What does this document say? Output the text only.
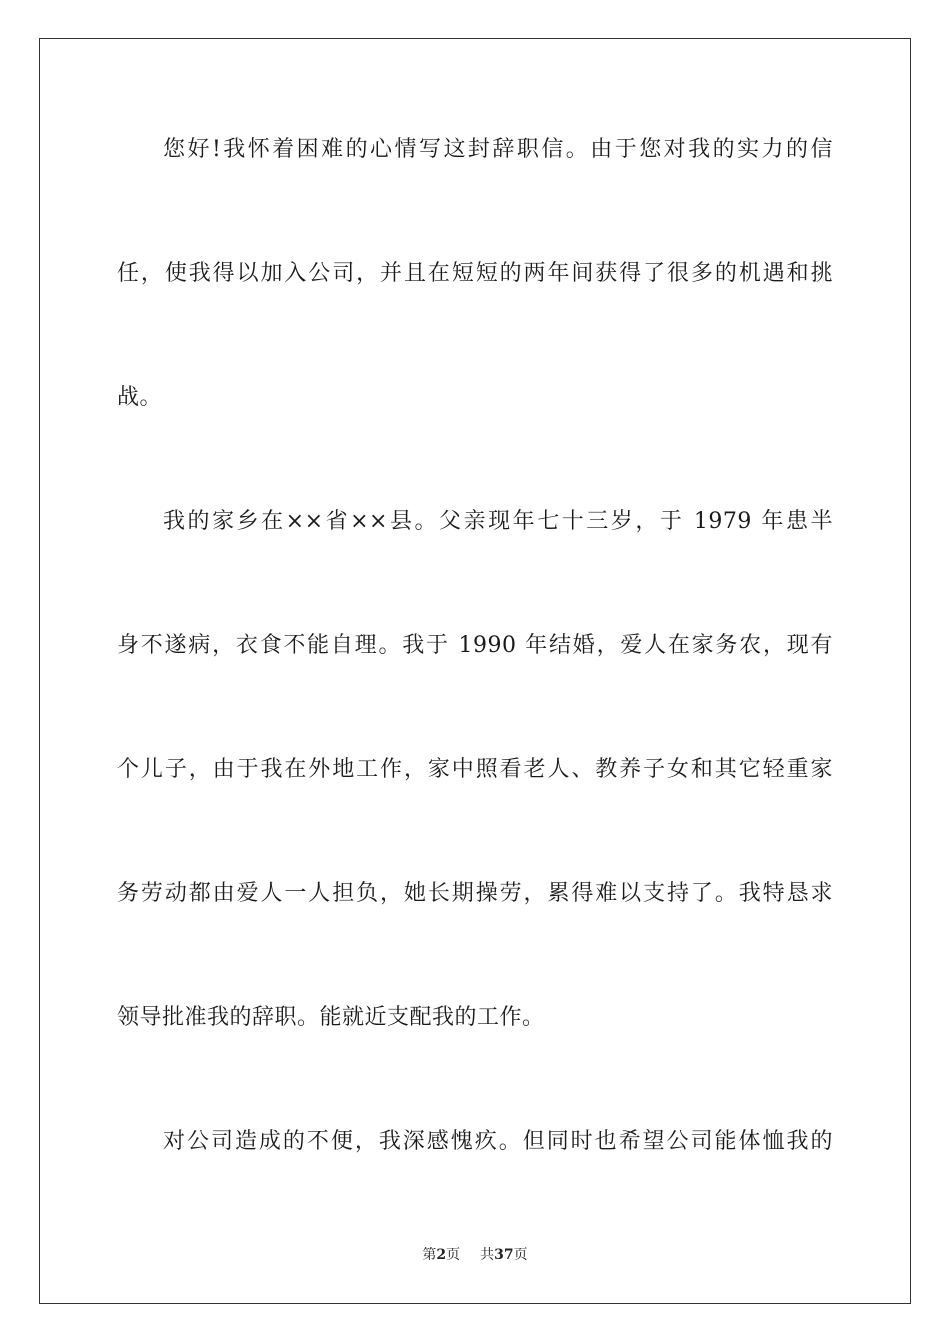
您好!我怀着困难的心情写这封辞职信。由于您对我的实力的信
任，使我得以加入公司，并且在短短的两年间获得了很多的机遇和挑
战。
我的家乡在××省××县。父亲现年七十三岁，于 1979 年患半
身不遂病，衣食不能自理。我于 1990 年结婚，爱人在家务农，现有
个儿子，由于我在外地工作，家中照看老人、教养子女和其它轻重家
务劳动都由爱人一人担负，她长期操劳，累得难以支持了。我特恳求
领导批准我的辞职。能就近支配我的工作。
对公司造成的不便，我深感愧疚。但同时也希望公司能体恤我的
第2页 共37页
